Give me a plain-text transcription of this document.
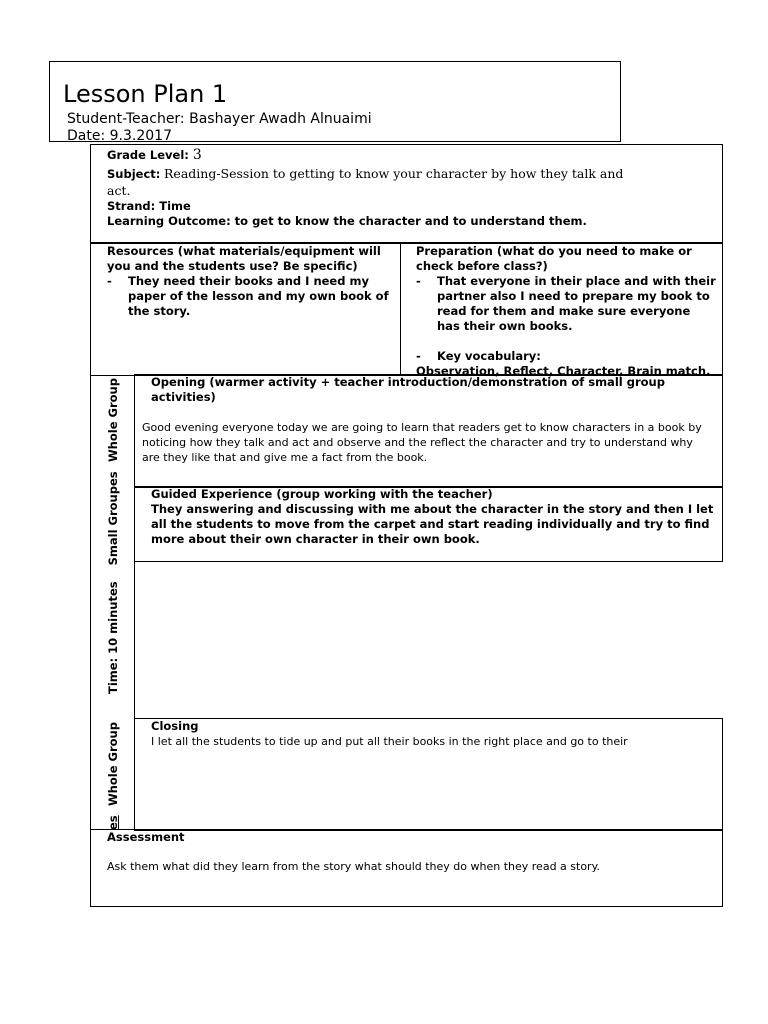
Lesson Plan 1
Student-Teacher: Bashayer Awadh Alnuaimi
Date: 9.3.2017
Grade Level: 3
Subject: Reading-Session to getting to know your character by how they talk and
act.
Strand: Time
Learning Outcome: to get to know the character and to understand them.
Resources (what materials/equipment will you and the students use? Be specific)
- They need their books and I need my paper of the lesson and my own book of the story.
Preparation (what do you need to make or check before class?)
- That everyone in their place and with their partner also I need to prepare my book to read for them and make sure everyone has their own books.
- Key vocabulary:
Observation, Reflect, Character, Brain match.
Opening (warmer activity + teacher introduction/demonstration of small group activities)
Good evening everyone today we are going to learn that readers get to know characters in a book by noticing how they talk and act and observe and the reflect the character and try to understand why are they like that and give me a fact from the book.
Guided Experience (group working with the teacher)
They answering and discussing with me about the character in the story and then I let all the students to move from the carpet and start reading individually and try to find more about their own character in their own book.
Closing
I let all the students to tide up and put all their books in the right place and go to their
Whole Group
Time: 10 minutesSmall Groupes
Whole Group
es
Assessment
Ask them what did they learn from the story what should they do when they read a story.
